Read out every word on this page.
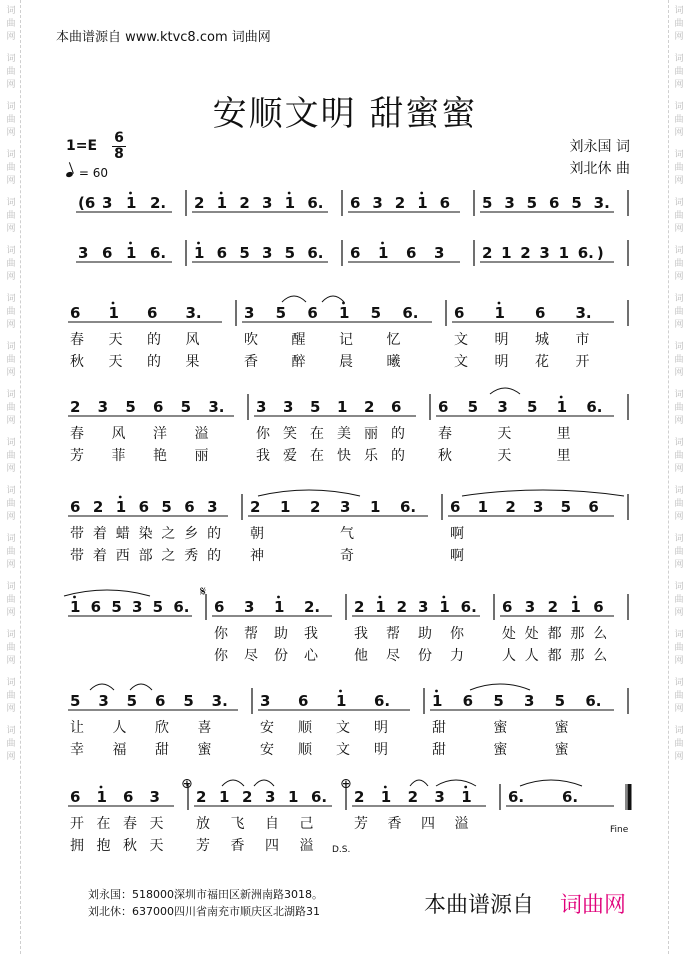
词
曲
网
词
曲
网
词
曲
网
词
曲
网
词
曲
网
词
曲
网
词
曲
网
词
曲
网
词
曲
网
词
曲
网
词
曲
网
词
曲
网
词
曲
网
词
曲
网
词
曲
网
词
曲
网
词
曲
网
词
曲
网
词
曲
网
词
曲
网
词
曲
网
词
曲
网
词
曲
网
词
曲
网
词
曲
网
词
曲
网
词
曲
网
词
曲
网
词
曲
网
词
曲
网
词
曲
网
词
曲
网
本曲谱源自 www.ktvc8.com 词曲网
安顺文明 甜蜜蜜
1=E 6
8
= 60
刘永国 词
刘北休 曲
(6 3 1 2. 2 1 2 3 1 6. 6 3 2 1 6 5 3 5 6 5 3.
3 6 1 6. 1 6 5 3 5 6. 6 1 6 3	2 1 2 3 1 6. )
6 1 6 3.
春 天 的 风
秋 天 的 果
3 5 6 1 5 6.
吹 醒 记 忆
香 醉 晨 曦
6 1 6 3.
文 明 城 市
文 明 花 开
2 3 5 6 5 3.
春 风 洋 溢
芳 菲 艳 丽
3 3 5 1 2 6
你 笑 在 美 丽 的
我 爱 在 快 乐 的
6 5 3 5 1 6.
春	天	里
秋	天	里
6 2 1 6 5 6 3
带 着 蜡 染 之 乡 的
带 着 西 部 之 秀 的
2 1 2 3 1 6.
朝	气
神	奇
6 1 2 3 5 6
啊
啊
1 6 5 3 5 6. 6 3 1 2.
你 帮 助 我
你 尽 份 心
2 1 2 3 1 6.
我 帮 助 你
他 尽 份 力
6 3 2 1 6
处 处 都 那 么
人 人 都 那 么
5 3 5 6 5 3.
让 人 欣 喜
幸 福 甜 蜜
3 6 1 6.
安 顺 文 明
安 顺 文 明
1 6 5 3 5 6.
甜	蜜	蜜
甜	蜜	蜜
6 1 6 3
开 在 春 天
拥 抱 秋 天
2 1 2 3 1 6.
放 飞 自 己
芳 香 四 溢
2 1 2 3 1
芳 香 四 溢
6.	6.
Fine
D.S.
𝄋
⊕	⊕
刘永国：518000深圳市福田区新洲南路3018。
刘北休：637000四川省南充市顺庆区北湖路31	本曲谱源自 词曲网
